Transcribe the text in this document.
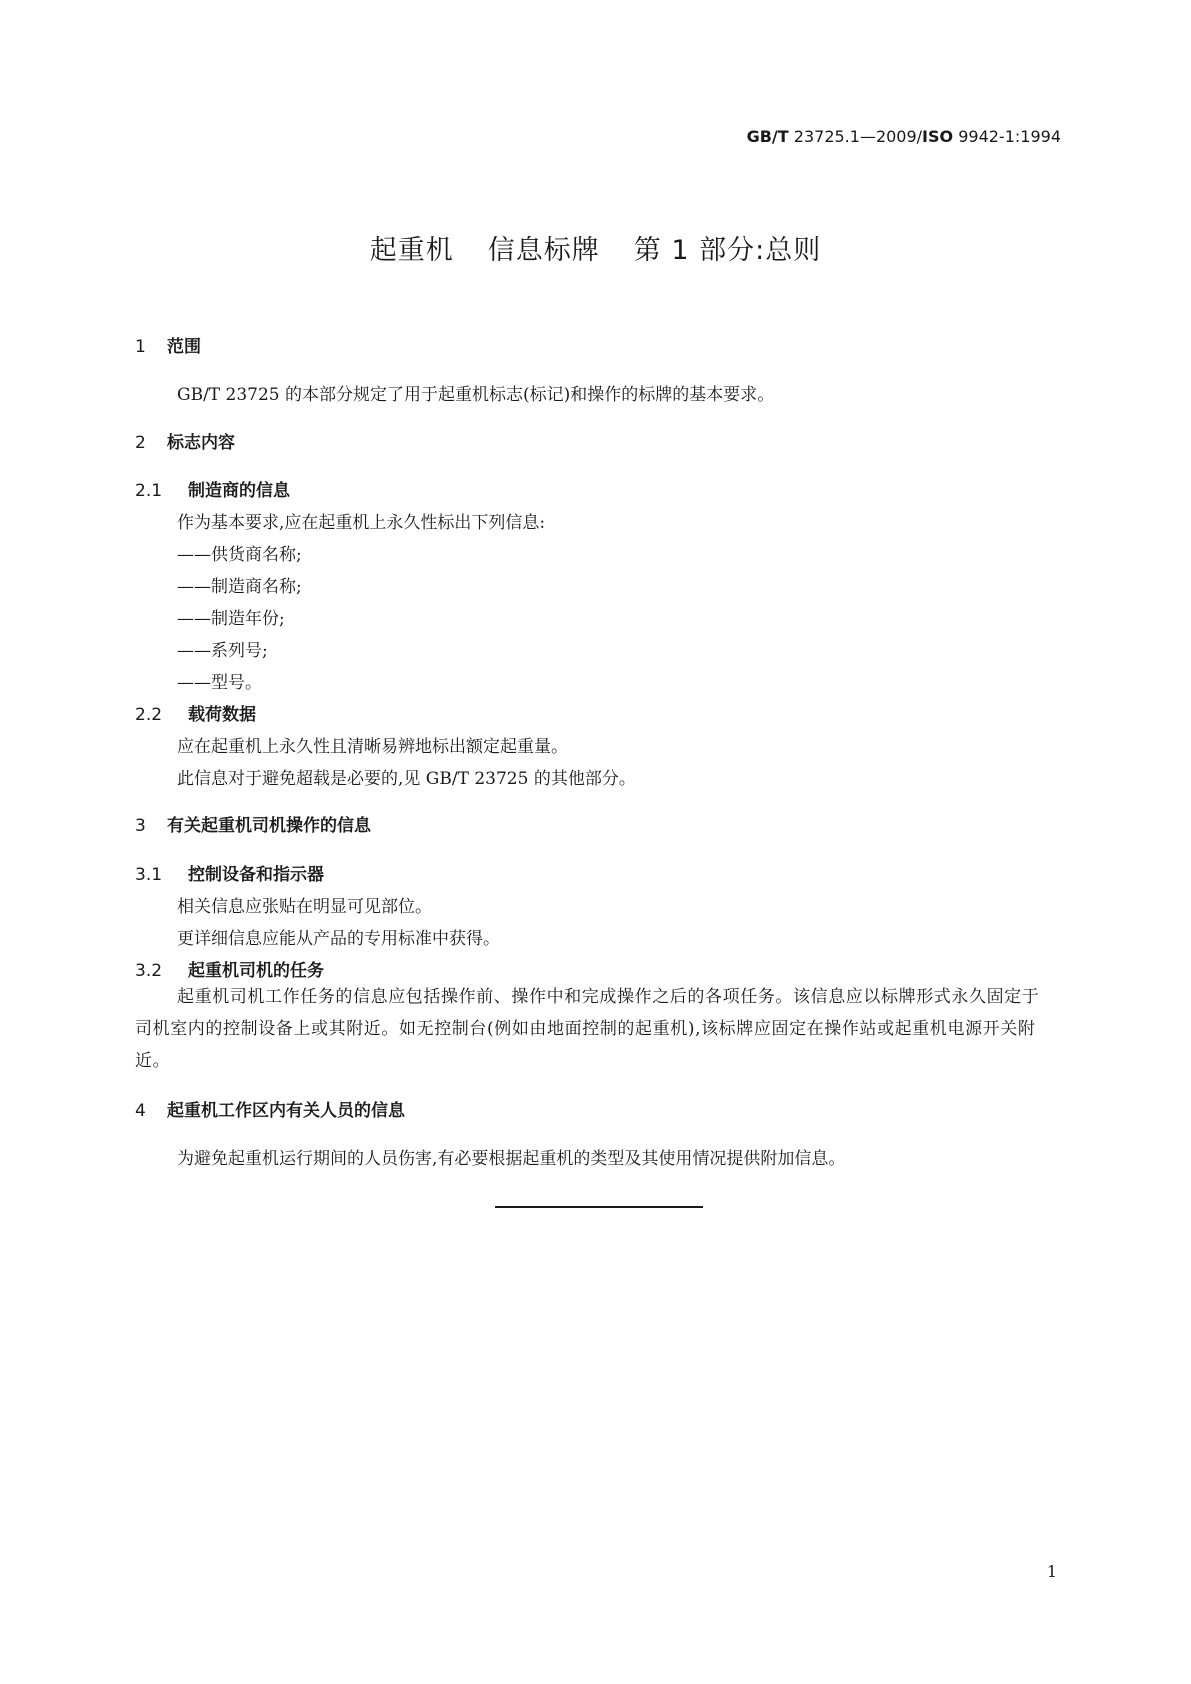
GB/T 23725.1—2009/ISO 9942-1:1994
起重机 信息标牌 第 1 部分:总则
1 范围
GB/T 23725 的本部分规定了用于起重机标志(标记)和操作的标牌的基本要求。
2 标志内容
2.1 制造商的信息
作为基本要求,应在起重机上永久性标出下列信息:
——供货商名称;
——制造商名称;
——制造年份;
——系列号;
——型号。
2.2 载荷数据
应在起重机上永久性且清晰易辨地标出额定起重量。
此信息对于避免超载是必要的,见 GB/T 23725 的其他部分。
3 有关起重机司机操作的信息
3.1 控制设备和指示器
相关信息应张贴在明显可见部位。
更详细信息应能从产品的专用标准中获得。
3.2 起重机司机的任务
起重机司机工作任务的信息应包括操作前、操作中和完成操作之后的各项任务。该信息应以标牌形式永久固定于司机室内的控制设备上或其附近。如无控制台(例如由地面控制的起重机),该标牌应固定在操作站或起重机电源开关附近。
4 起重机工作区内有关人员的信息
为避免起重机运行期间的人员伤害,有必要根据起重机的类型及其使用情况提供附加信息。
1
